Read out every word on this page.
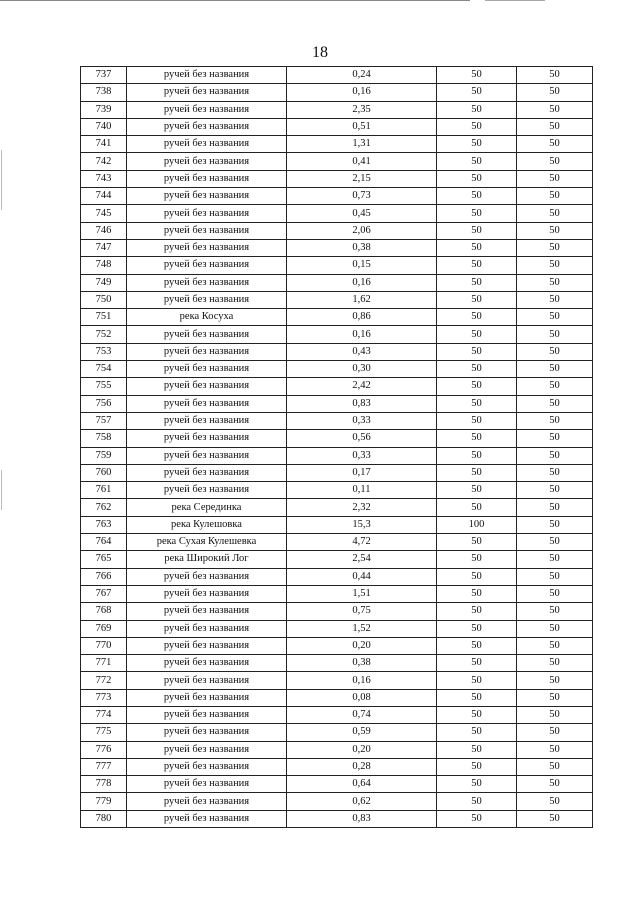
18
737	ручей без названия	0,24	50	50
738	ручей без названия	0,16	50	50
739	ручей без названия	2,35	50	50
740	ручей без названия	0,51	50	50
741	ручей без названия	1,31	50	50
742	ручей без названия	0,41	50	50
743	ручей без названия	2,15	50	50
744	ручей без названия	0,73	50	50
745	ручей без названия	0,45	50	50
746	ручей без названия	2,06	50	50
747	ручей без названия	0,38	50	50
748	ручей без названия	0,15	50	50
749	ручей без названия	0,16	50	50
750	ручей без названия	1,62	50	50
751	река Косуха	0,86	50	50
752	ручей без названия	0,16	50	50
753	ручей без названия	0,43	50	50
754	ручей без названия	0,30	50	50
755	ручей без названия	2,42	50	50
756	ручей без названия	0,83	50	50
757	ручей без названия	0,33	50	50
758	ручей без названия	0,56	50	50
759	ручей без названия	0,33	50	50
760	ручей без названия	0,17	50	50
761	ручей без названия	0,11	50	50
762	река Серединка	2,32	50	50
763	река Кулешовка	15,3	100	50
764	река Сухая Кулешевка	4,72	50	50
765	река Широкий Лог	2,54	50	50
766	ручей без названия	0,44	50	50
767	ручей без названия	1,51	50	50
768	ручей без названия	0,75	50	50
769	ручей без названия	1,52	50	50
770	ручей без названия	0,20	50	50
771	ручей без названия	0,38	50	50
772	ручей без названия	0,16	50	50
773	ручей без названия	0,08	50	50
774	ручей без названия	0,74	50	50
775	ручей без названия	0,59	50	50
776	ручей без названия	0,20	50	50
777	ручей без названия	0,28	50	50
778	ручей без названия	0,64	50	50
779	ручей без названия	0,62	50	50
780	ручей без названия	0,83	50	50
